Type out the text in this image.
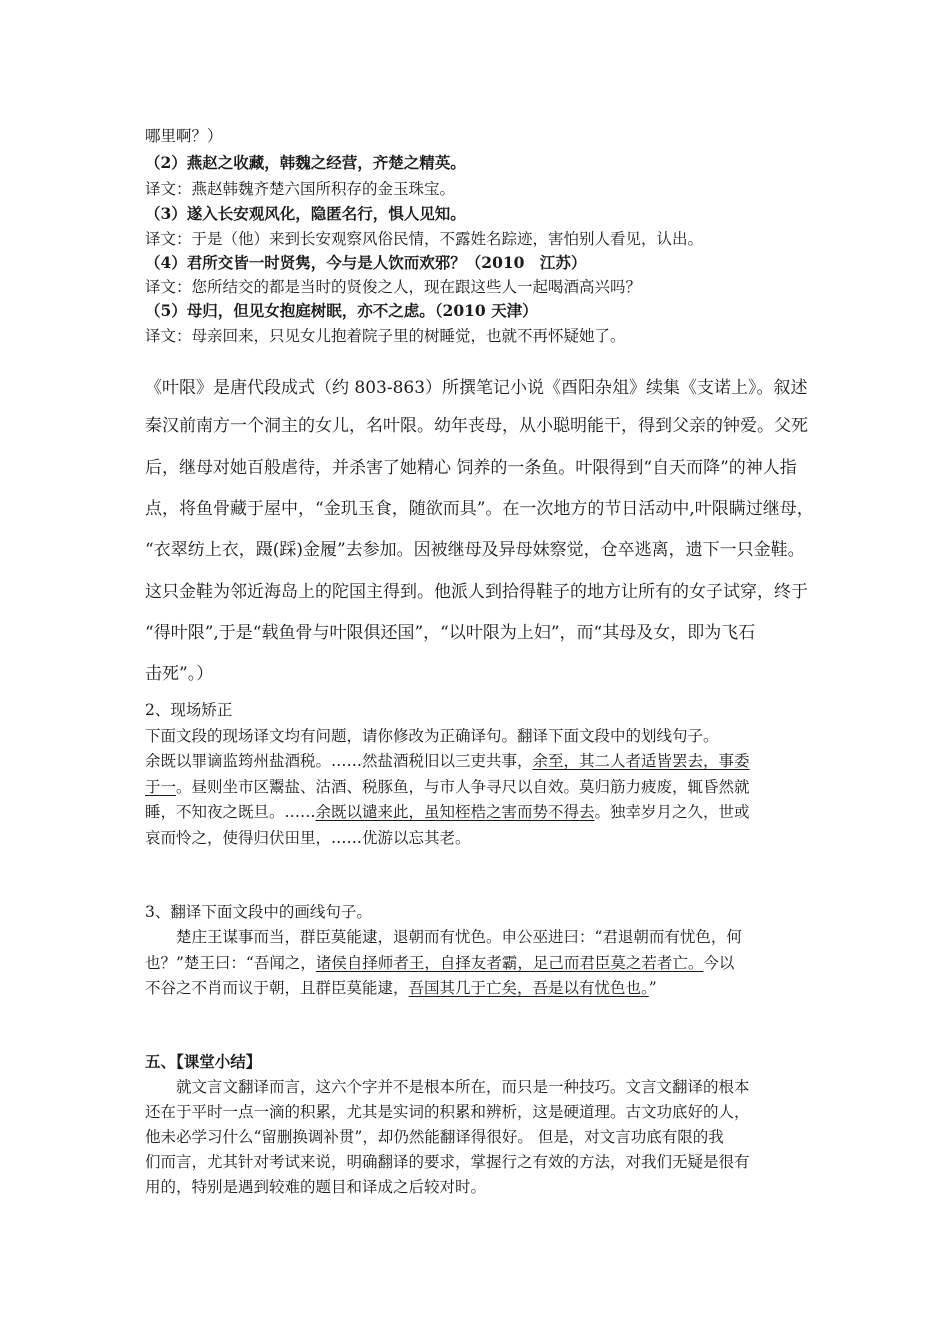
哪里啊？）
（2）燕赵之收藏，韩魏之经营，齐楚之精英。
译文：燕赵韩魏齐楚六国所积存的金玉珠宝。
（3）遂入长安观风化，隐匿名行，惧人见知。
译文：于是（他）来到长安观察风俗民情，不露姓名踪迹，害怕别人看见，认出。
（4）君所交皆一时贤隽，今与是人饮而欢邪？（2010　江苏）
译文：您所结交的都是当时的贤俊之人，现在跟这些人一起喝酒高兴吗？
（5）母归，但见女抱庭树眠，亦不之虑。（2010 天津）
译文：母亲回来，只见女儿抱着院子里的树睡觉，也就不再怀疑她了。
《叶限》是唐代段成式（约 803-863）所撰笔记小说《酉阳杂俎》续集《支诺上》。叙述
秦汉前南方一个洞主的女儿，名叶限。幼年丧母，从小聪明能干，得到父亲的钟爱。父死
后，继母对她百般虐待，并杀害了她精心 饲养的一条鱼。叶限得到“自天而降”的神人指
点，将鱼骨藏于屋中，“金玑玉食，随欲而具”。在一次地方的节日活动中,叶限瞒过继母，
“衣翠纺上衣，蹑(踩)金履”去参加。因被继母及异母妹察觉，仓卒逃离，遗下一只金鞋。
这只金鞋为邻近海岛上的陀国主得到。他派人到拾得鞋子的地方让所有的女子试穿，终于
“得叶限”,于是“载鱼骨与叶限俱还国”，“以叶限为上妇”，而“其母及女，即为飞石
击死”。）
2、现场矫正
下面文段的现场译文均有问题，请你修改为正确译句。翻译下面文段中的划线句子。
余既以罪谪监筠州盐酒税。……然盐酒税旧以三吏共事，余至，其二人者适皆罢去，事委
于一。昼则坐市区鬻盐、沽酒、税豚鱼，与市人争寻尺以自效。莫归筋力疲废，辄昏然就
睡，不知夜之既旦。……余既以谴来此，虽知桎梏之害而势不得去。独幸岁月之久，世或
哀而怜之，使得归伏田里，……优游以忘其老。
3、翻译下面文段中的画线句子。
楚庄王谋事而当，群臣莫能逮，退朝而有忧色。申公巫进曰：“君退朝而有忧色，何
也？”楚王曰：“吾闻之，诸侯自择师者王，自择友者霸，足己而君臣莫之若者亡。今以
不谷之不肖而议于朝，且群臣莫能逮，吾国其几于亡矣，吾是以有忧色也。”
五、【课堂小结】
就文言文翻译而言，这六个字并不是根本所在，而只是一种技巧。文言文翻译的根本
还在于平时一点一滴的积累，尤其是实词的积累和辨析，这是硬道理。古文功底好的人，
他未必学习什么“留删换调补贯”，却仍然能翻译得很好。 但是，对文言功底有限的我
们而言，尤其针对考试来说，明确翻译的要求，掌握行之有效的方法，对我们无疑是很有
用的，特别是遇到较难的题目和译成之后较对时。
